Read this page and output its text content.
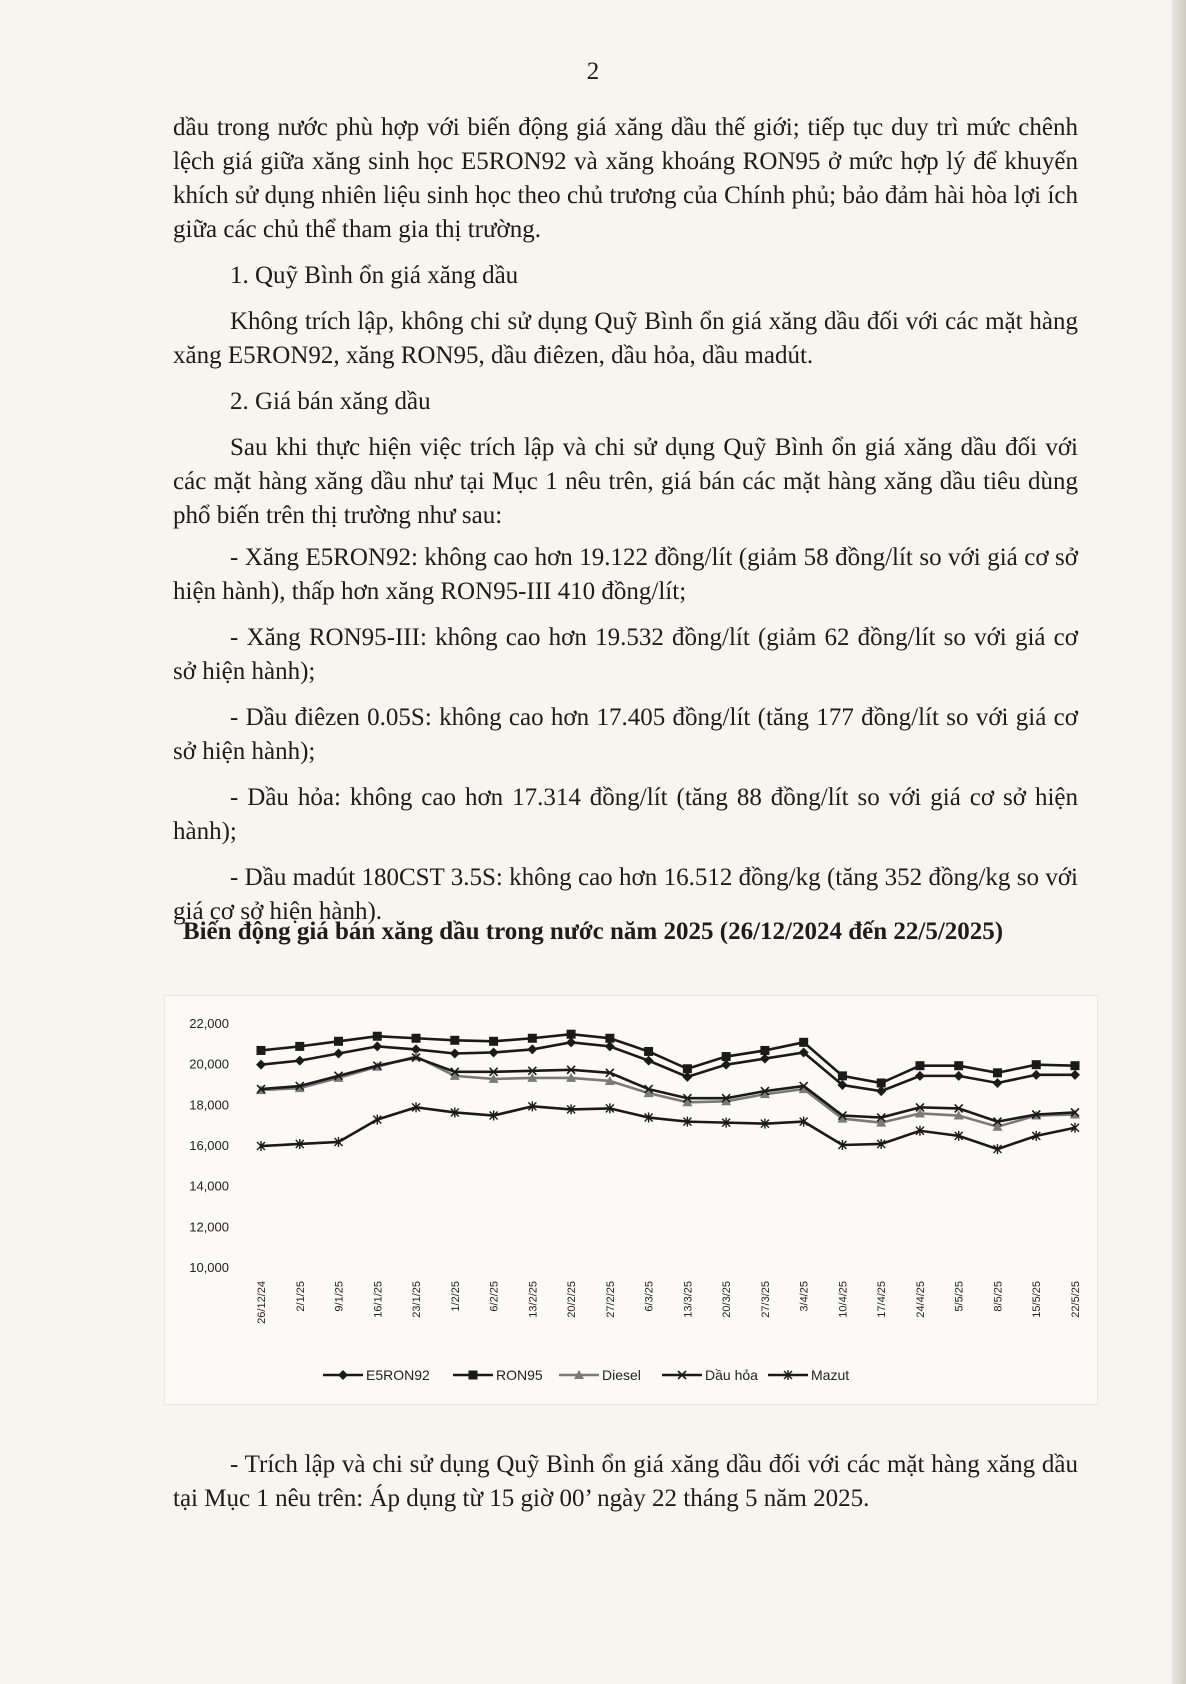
2

dầu trong nước phù hợp với biến động giá xăng dầu thế giới; tiếp tục duy trì mức chênh lệch giá giữa xăng sinh học E5RON92 và xăng khoáng RON95 ở mức hợp lý để khuyến khích sử dụng nhiên liệu sinh học theo chủ trương của Chính phủ; bảo đảm hài hòa lợi ích giữa các chủ thể tham gia thị trường.

1. Quỹ Bình ổn giá xăng dầu

Không trích lập, không chi sử dụng Quỹ Bình ổn giá xăng dầu đối với các mặt hàng xăng E5RON92, xăng RON95, dầu điêzen, dầu hỏa, dầu madút.

2. Giá bán xăng dầu

Sau khi thực hiện việc trích lập và chi sử dụng Quỹ Bình ổn giá xăng dầu đối với các mặt hàng xăng dầu như tại Mục 1 nêu trên, giá bán các mặt hàng xăng dầu tiêu dùng phổ biến trên thị trường như sau:

- Xăng E5RON92: không cao hơn 19.122 đồng/lít (giảm 58 đồng/lít so với giá cơ sở hiện hành), thấp hơn xăng RON95-III 410 đồng/lít;

- Xăng RON95-III: không cao hơn 19.532 đồng/lít (giảm 62 đồng/lít so với giá cơ sở hiện hành);

- Dầu điêzen 0.05S: không cao hơn 17.405 đồng/lít (tăng 177 đồng/lít so với giá cơ sở hiện hành);

- Dầu hỏa: không cao hơn 17.314 đồng/lít (tăng 88 đồng/lít so với giá cơ sở hiện hành);

- Dầu madút 180CST 3.5S: không cao hơn 16.512 đồng/kg (tăng 352 đồng/kg so với giá cơ sở hiện hành).

Biến động giá bán xăng dầu trong nước năm 2025 (26/12/2024 đến 22/5/2025)
10,000
12,000
14,000
16,000
18,000
20,000
22,000
26/12/24 2/1/25 9/1/25 16/1/25 23/1/25 1/2/25 6/2/25 13/2/25 20/2/25 27/2/25 6/3/25 13/3/25 20/3/25 27/3/25 3/4/25 10/4/25 17/4/25 24/4/25 5/5/25 8/5/25 15/5/25 22/5/25
E5RON92	RON95	Diesel	Dầu hỏa	Mazut

- Trích lập và chi sử dụng Quỹ Bình ổn giá xăng dầu đối với các mặt hàng xăng dầu tại Mục 1 nêu trên: Áp dụng từ 15 giờ 00’ ngày 22 tháng 5 năm 2025.
